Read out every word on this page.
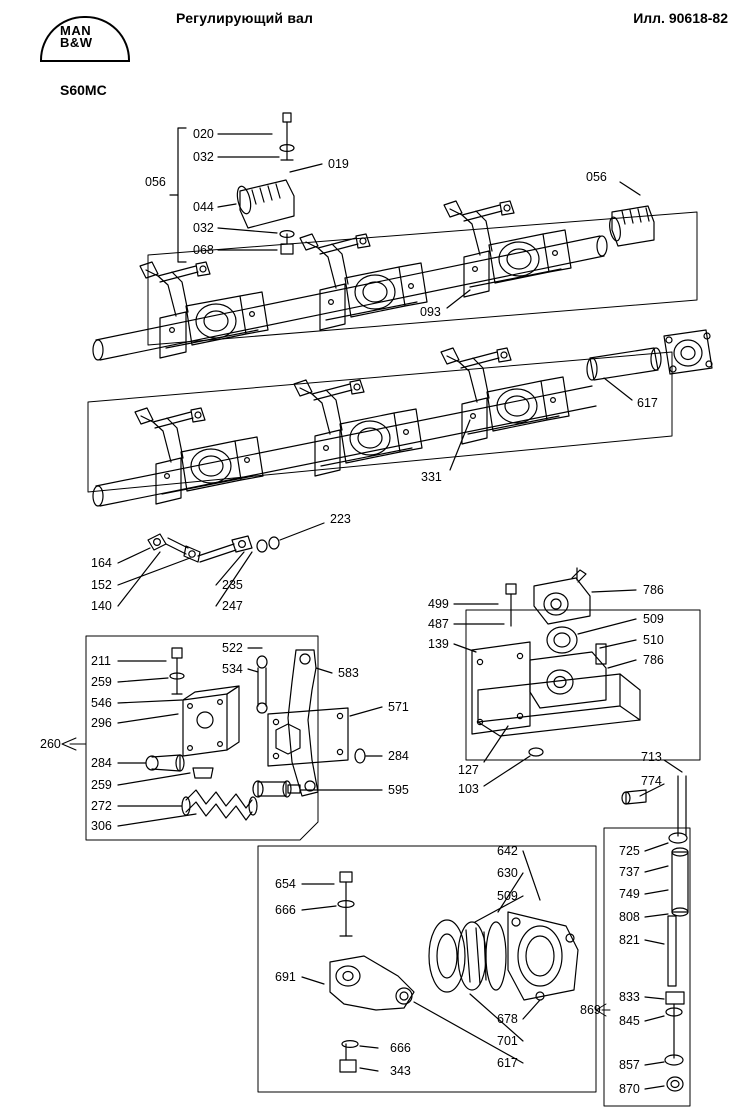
MAN
B&W
S60MC
Регулирующий вал	Илл. 90618-82
020
032	019
056
044
032
068
056
093
617
331
223
164
152
140
235
247	499
487
139
786
509
510
786
211
259
546
296
284
259
272
306
260
522
534	583
571
284
595
127
103
713
774
725
737
749
808
821
869
833
845
857
870
642
630
509
654
666
691
666
343
678
701
617
